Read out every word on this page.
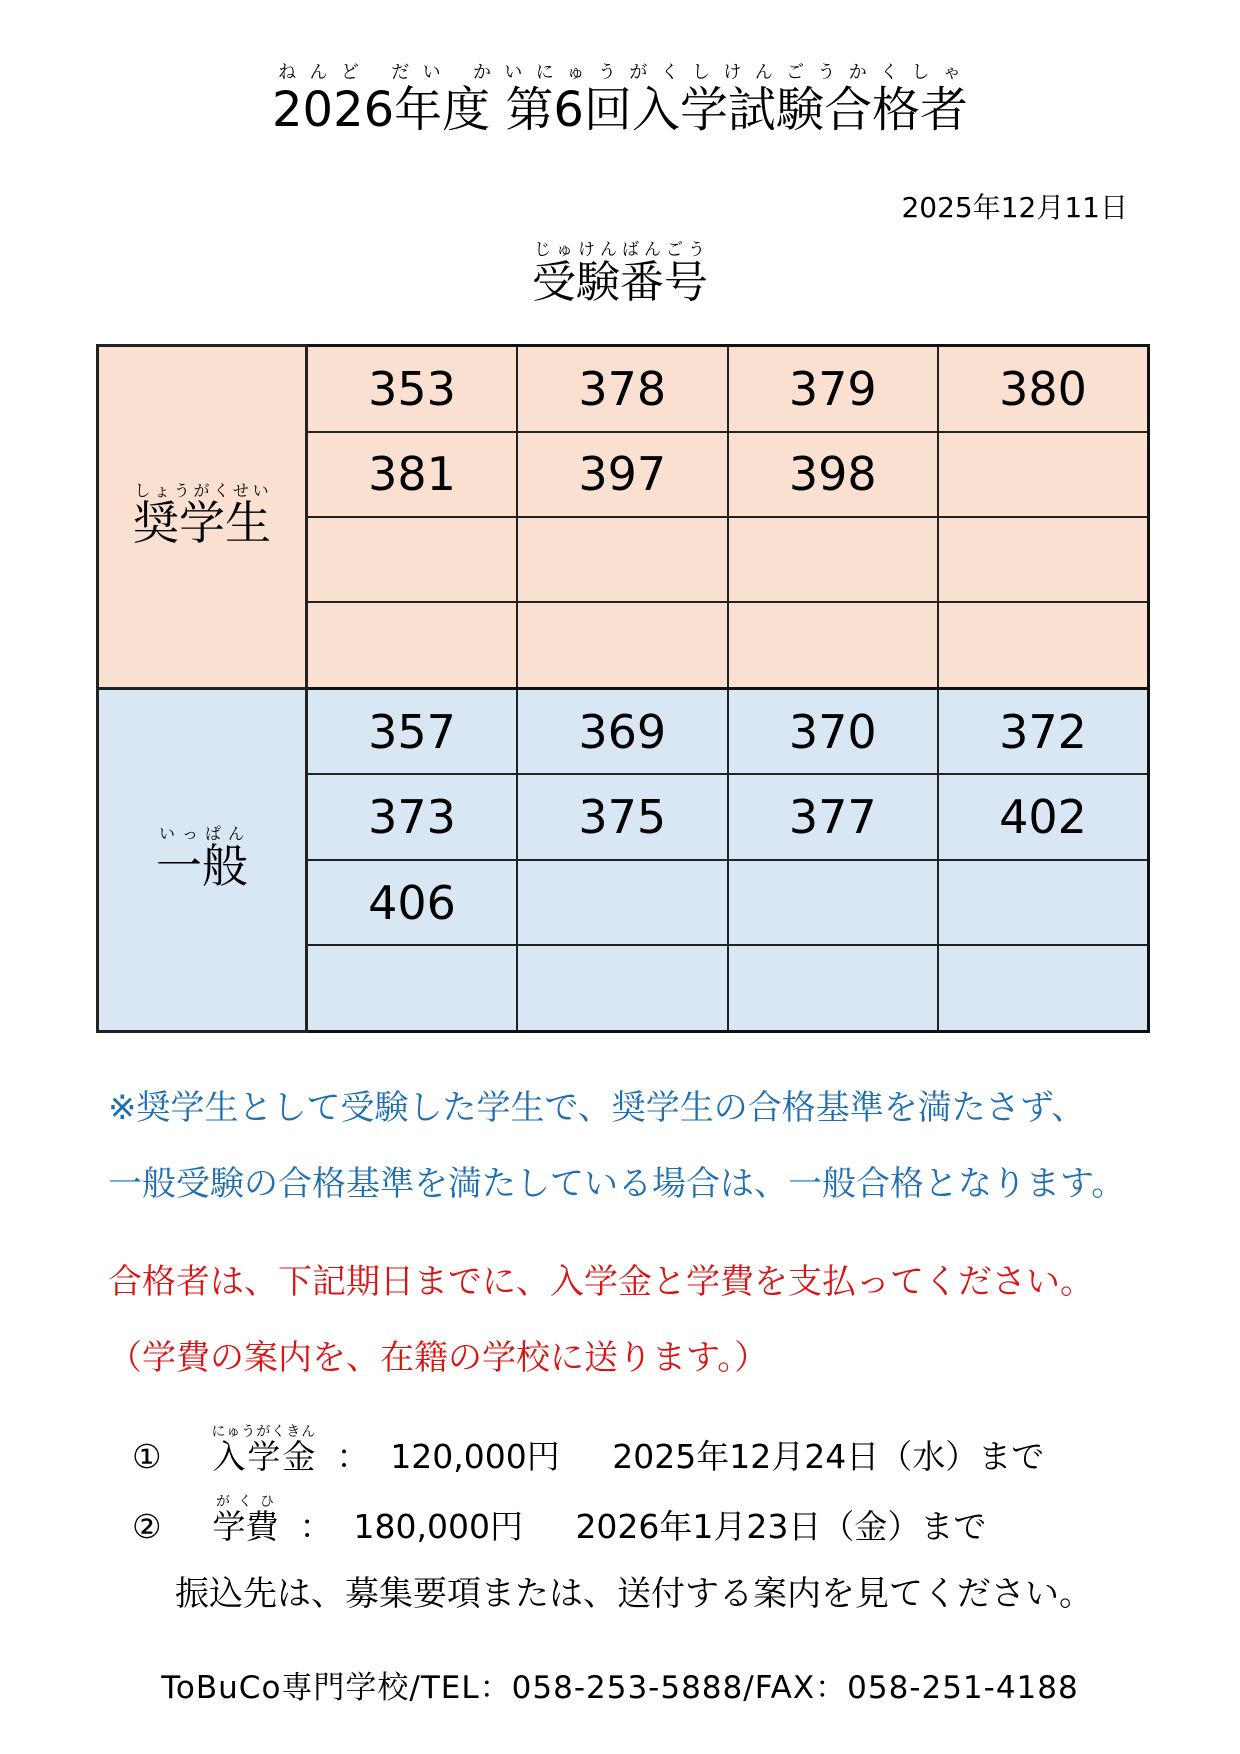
2026年度 第6回入学試験合格者ねんど だい かいにゅうがくしけんごうかくしゃ
2025年12月11日
受験番号じゅけんばんごう
奨学生しょうがくせい	353	378	379	380
	381	397	398	

一般いっぱん	357	369	370	372
	373	375	377	402
	406			

※奨学生として受験した学生で、奨学生の合格基準を満たさず、
一般受験の合格基準を満たしている場合は、一般合格となります。
合格者は、下記期日までに、入学金と学費を支払ってください。
（学費の案内を、在籍の学校に送ります。）
① 入学金にゅうがくきん  ：  120,000円 2025年12月24日（水）まで
② 学費がくひ  ：  180,000円 2026年1月23日（金）まで
振込先は、募集要項または、送付する案内を見てください。
ToBuCo専門学校/TEL：058-253-5888/FAX：058-251-4188
